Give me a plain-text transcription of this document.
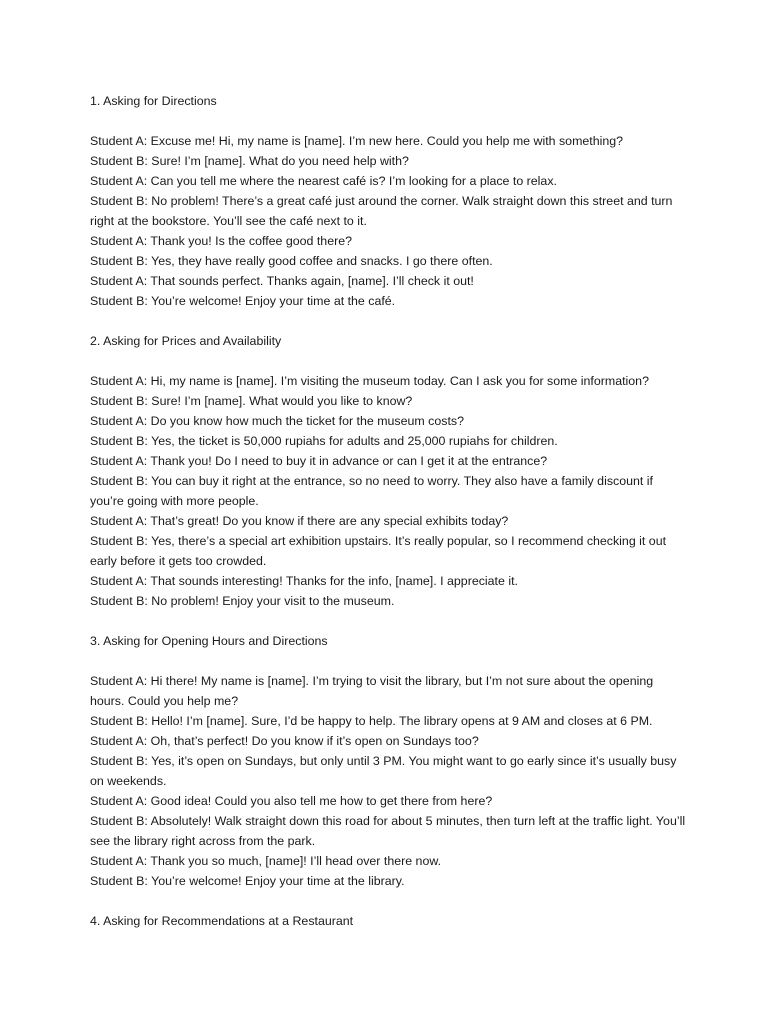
1. Asking for Directions

Student A: Excuse me! Hi, my name is [name]. I’m new here. Could you help me with something?

Student B: Sure! I’m [name]. What do you need help with?

Student A: Can you tell me where the nearest café is? I’m looking for a place to relax.

Student B: No problem! There’s a great café just around the corner. Walk straight down this street and turn right at the bookstore. You’ll see the café next to it.

Student A: Thank you! Is the coffee good there?

Student B: Yes, they have really good coffee and snacks. I go there often.

Student A: That sounds perfect. Thanks again, [name]. I’ll check it out!

Student B: You’re welcome! Enjoy your time at the café.

2. Asking for Prices and Availability

Student A: Hi, my name is [name]. I’m visiting the museum today. Can I ask you for some information?

Student B: Sure! I’m [name]. What would you like to know?

Student A: Do you know how much the ticket for the museum costs?

Student B: Yes, the ticket is 50,000 rupiahs for adults and 25,000 rupiahs for children.

Student A: Thank you! Do I need to buy it in advance or can I get it at the entrance?

Student B: You can buy it right at the entrance, so no need to worry. They also have a family discount if you’re going with more people.

Student A: That’s great! Do you know if there are any special exhibits today?

Student B: Yes, there’s a special art exhibition upstairs. It’s really popular, so I recommend checking it out early before it gets too crowded.

Student A: That sounds interesting! Thanks for the info, [name]. I appreciate it.

Student B: No problem! Enjoy your visit to the museum.

3. Asking for Opening Hours and Directions

Student A: Hi there! My name is [name]. I’m trying to visit the library, but I’m not sure about the opening hours. Could you help me?

Student B: Hello! I’m [name]. Sure, I’d be happy to help. The library opens at 9 AM and closes at 6 PM.

Student A: Oh, that’s perfect! Do you know if it’s open on Sundays too?

Student B: Yes, it’s open on Sundays, but only until 3 PM. You might want to go early since it’s usually busy on weekends.

Student A: Good idea! Could you also tell me how to get there from here?

Student B: Absolutely! Walk straight down this road for about 5 minutes, then turn left at the traffic light. You’ll see the library right across from the park.

Student A: Thank you so much, [name]! I’ll head over there now.

Student B: You’re welcome! Enjoy your time at the library.

4. Asking for Recommendations at a Restaurant
